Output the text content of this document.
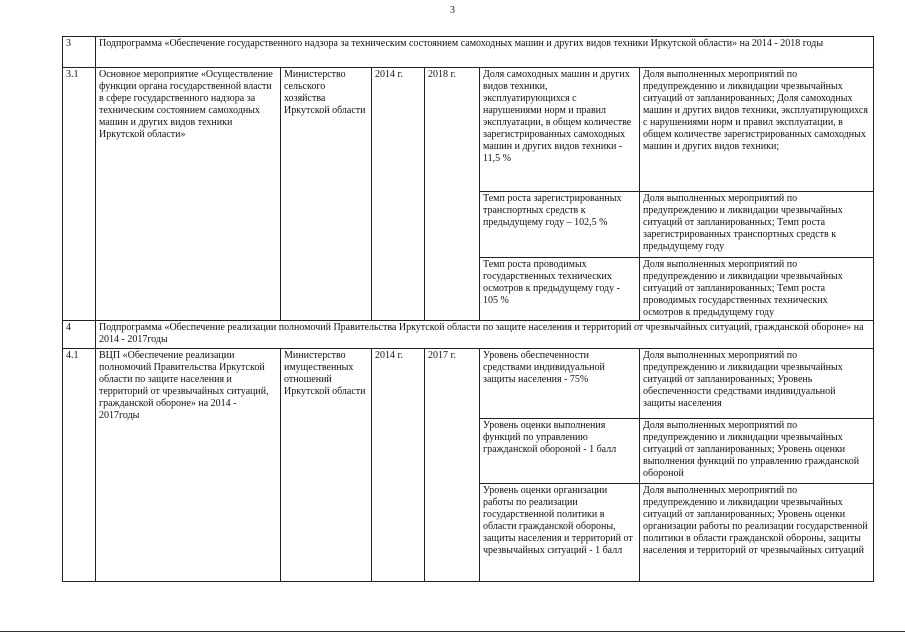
3
3	Подпрограмма «Обеспечение государственного надзора за техническим состоянием самоходных машин и других видов техники Иркутской области» на 2014 - 2018 годы					
3.1	Основное мероприятие «Осуществление функции органа государственной власти в сфере государственного надзора за техническим состоянием самоходных машин и других видов техники Иркутской области»	Министерство сельского хозяйства Иркутской области	2014 г.	2018 г.	Доля самоходных машин и других видов техники, эксплуатирующихся с нарушениями норм и правил эксплуатации, в общем количестве зарегистрированных самоходных машин и других видов техники - 11,5 %	Доля выполненных мероприятий по предупреждению и ликвидации чрезвычайных ситуаций от запланированных; Доля самоходных машин и других видов техники, эксплуатирующихся с нарушениями норм и правил эксплуатации, в общем количестве зарегистрированных самоходных машин и других видов техники;
					Темп роста зарегистрированных транспортных средств к предыдущему году – 102,5 %	Доля выполненных мероприятий по предупреждению и ликвидации чрезвычайных ситуаций от запланированных; Темп роста зарегистрированных транспортных средств к предыдущему году
					Темп роста проводимых государственных технических осмотров к предыдущему году - 105 %	Доля выполненных мероприятий по предупреждению и ликвидации чрезвычайных ситуаций от запланированных; Темп роста проводимых государственных технических осмотров к предыдущему году
4	Подпрограмма «Обеспечение реализации полномочий Правительства Иркутской области по защите населения и территорий от чрезвычайных ситуаций, гражданской обороне» на 2014 - 2017годы					
4.1	ВЦП «Обеспечение реализации полномочий Правительства Иркутской области по защите населения и территорий от чрезвычайных ситуаций, гражданской обороне» на 2014 - 2017годы	Министерство имущественных отношений Иркутской области	2014 г.	2017 г.	Уровень обеспеченности средствами индивидуальной защиты населения - 75%	Доля выполненных мероприятий по предупреждению и ликвидации чрезвычайных ситуаций от запланированных; Уровень обеспеченности средствами индивидуальной защиты населения
					Уровень оценки выполнения функций по управлению гражданской обороной - 1 балл	Доля выполненных мероприятий по предупреждению и ликвидации чрезвычайных ситуаций от запланированных; Уровень оценки выполнения функций по управлению гражданской обороной
					Уровень оценки организации работы по реализации государственной политики в области гражданской обороны, защиты населения и территорий от чрезвычайных ситуаций - 1 балл	Доля выполненных мероприятий по предупреждению и ликвидации чрезвычайных ситуаций от запланированных; Уровень оценки организации работы по реализации государственной политики в области гражданской обороны, защиты населения и территорий от чрезвычайных ситуаций
